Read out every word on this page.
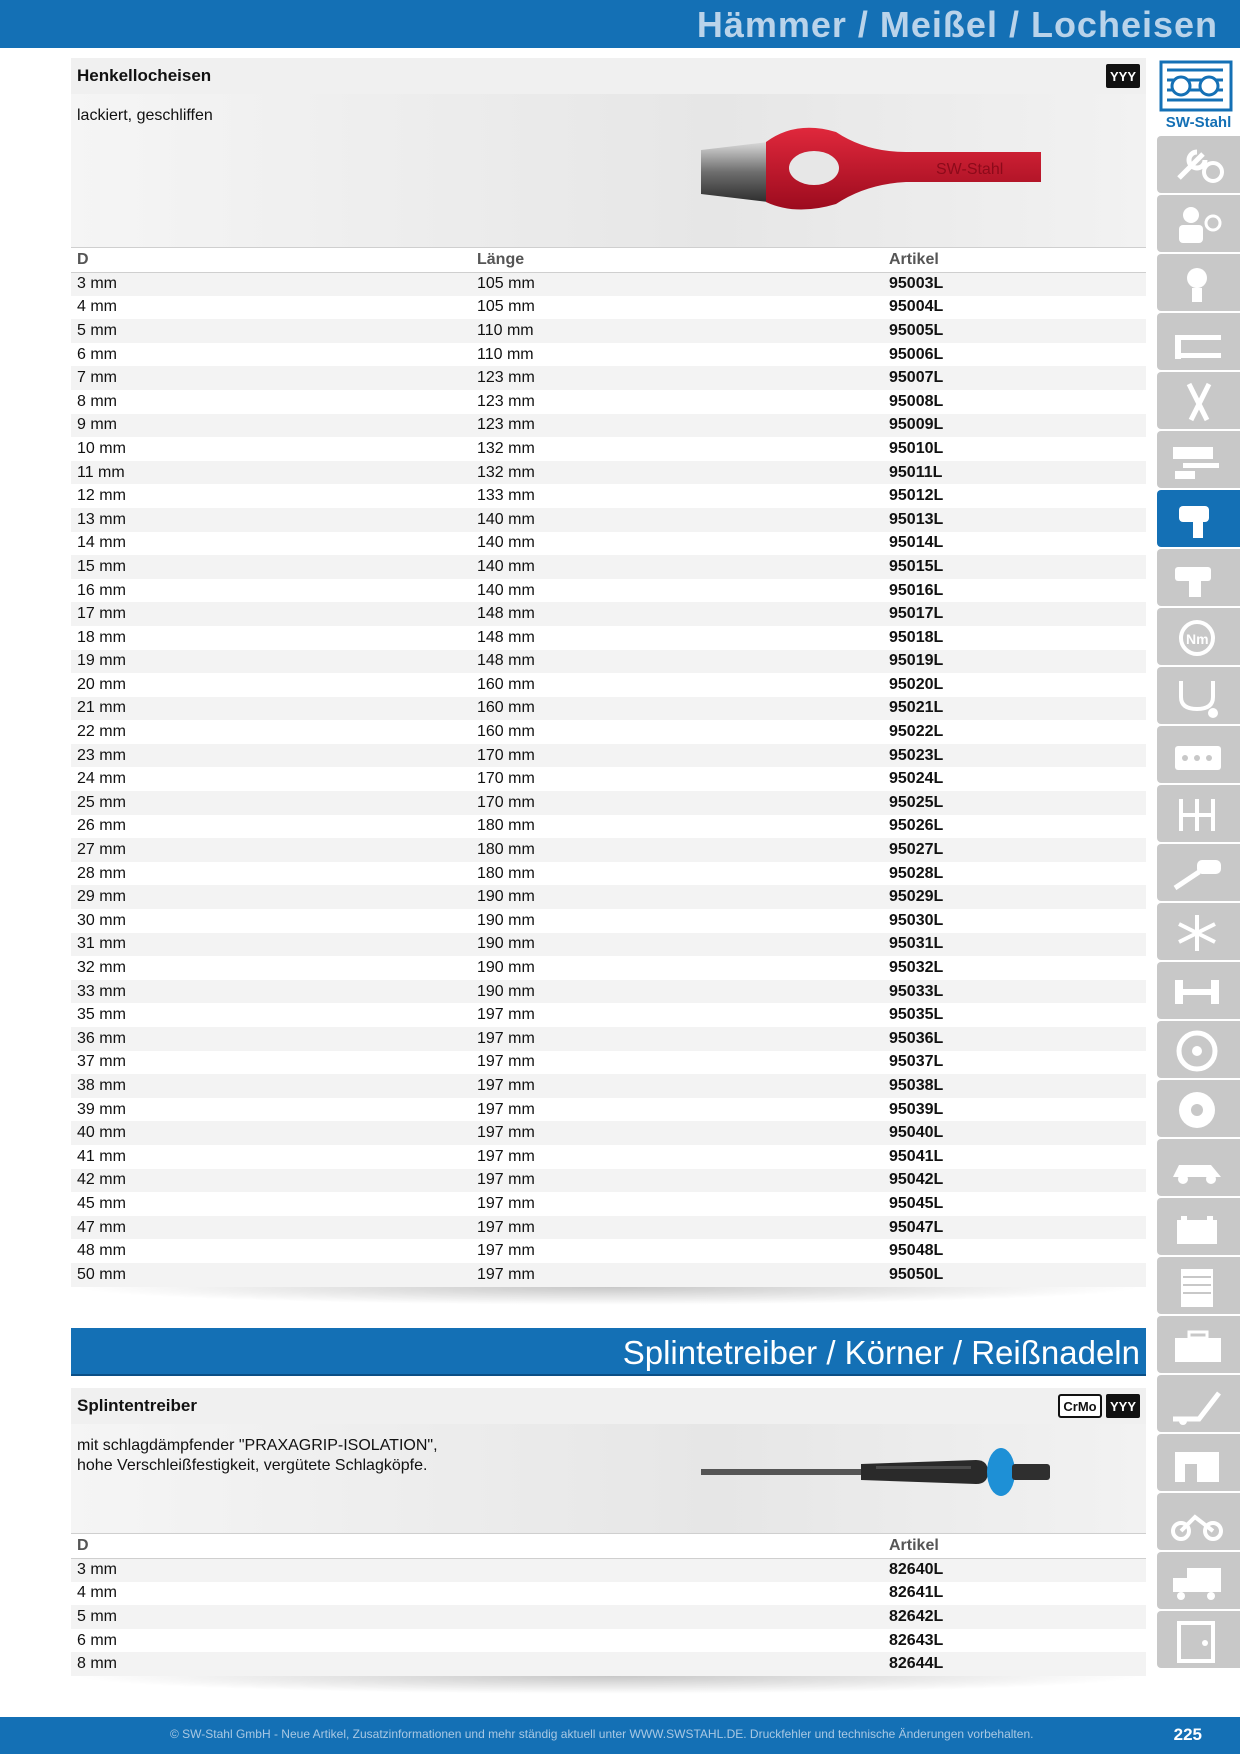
Hämmer / Meißel / Locheisen
Henkellocheisen	ΥΥΥ
lackiert, geschliffen
SW-Stahl
D	Länge	Artikel
3 mm	105 mm	95003L
4 mm	105 mm	95004L
5 mm	110 mm	95005L
6 mm	110 mm	95006L
7 mm	123 mm	95007L
8 mm	123 mm	95008L
9 mm	123 mm	95009L
10 mm	132 mm	95010L
11 mm	132 mm	95011L
12 mm	133 mm	95012L
13 mm	140 mm	95013L
14 mm	140 mm	95014L
15 mm	140 mm	95015L
16 mm	140 mm	95016L
17 mm	148 mm	95017L
18 mm	148 mm	95018L
19 mm	148 mm	95019L
20 mm	160 mm	95020L
21 mm	160 mm	95021L
22 mm	160 mm	95022L
23 mm	170 mm	95023L
24 mm	170 mm	95024L
25 mm	170 mm	95025L
26 mm	180 mm	95026L
27 mm	180 mm	95027L
28 mm	180 mm	95028L
29 mm	190 mm	95029L
30 mm	190 mm	95030L
31 mm	190 mm	95031L
32 mm	190 mm	95032L
33 mm	190 mm	95033L
35 mm	197 mm	95035L
36 mm	197 mm	95036L
37 mm	197 mm	95037L
38 mm	197 mm	95038L
39 mm	197 mm	95039L
40 mm	197 mm	95040L
41 mm	197 mm	95041L
42 mm	197 mm	95042L
45 mm	197 mm	95045L
47 mm	197 mm	95047L
48 mm	197 mm	95048L
50 mm	197 mm	95050L
Splintetreiber / Körner / Reißnadeln
Splintentreiber	CrMo	ΥΥΥ
mit schlagdämpfender "PRAXAGRIP-ISOLATION",
hohe Verschleißfestigkeit, vergütete Schlagköpfe.
D	Artikel
3 mm	82640L
4 mm	82641L
5 mm	82642L
6 mm	82643L
8 mm	82644L
SW-Stahl
Nm
© SW-Stahl GmbH - Neue Artikel, Zusatzinformationen und mehr ständig aktuell unter WWW.SWSTAHL.DE. Druckfehler und technische Änderungen vorbehalten.	225
